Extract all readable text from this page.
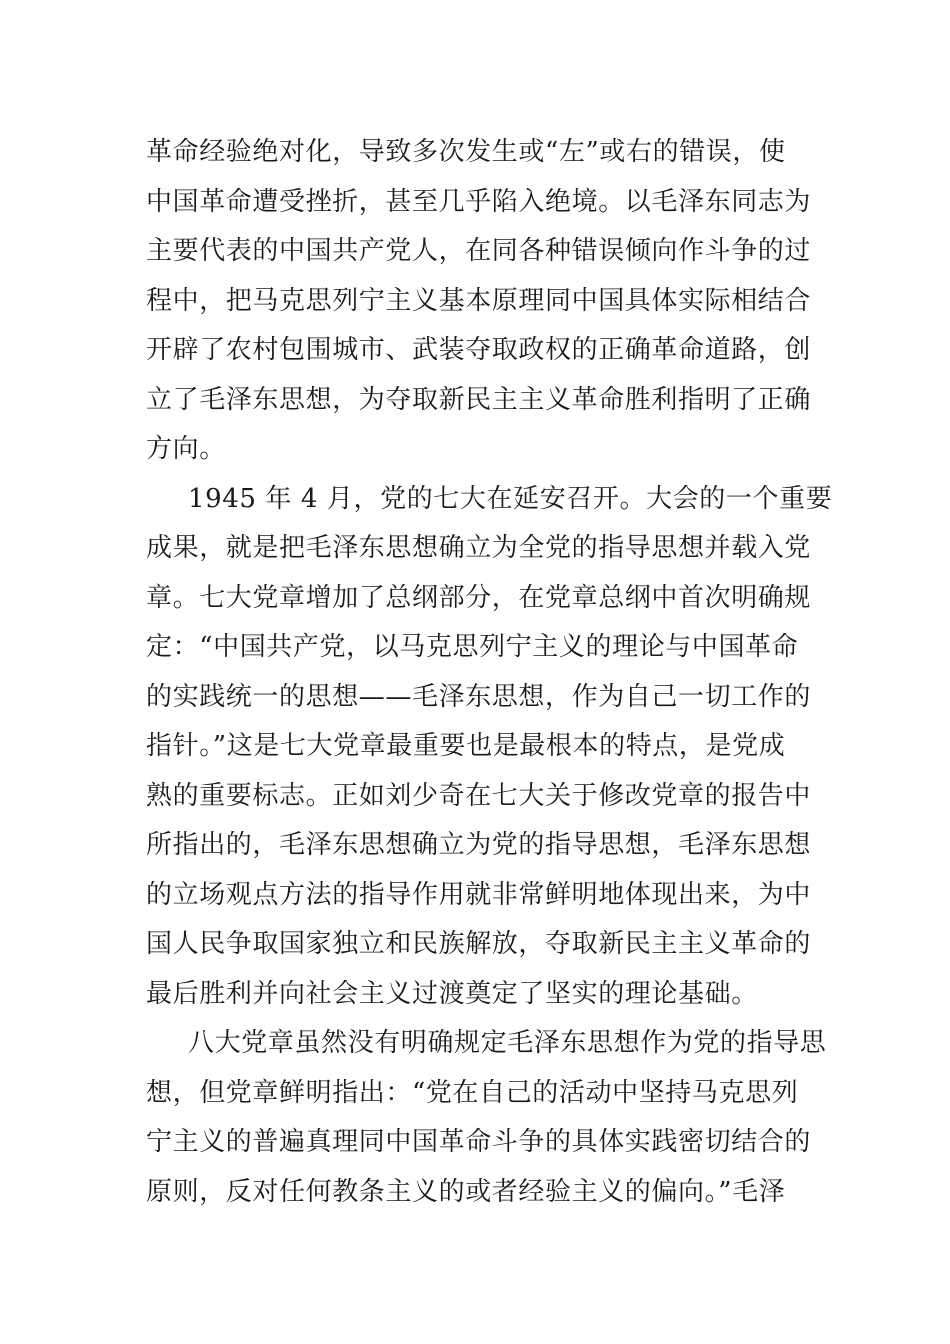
革命经验绝对化，导致多次发生或“左”或右的错误，使
中国革命遭受挫折，甚至几乎陷入绝境。以毛泽东同志为
主要代表的中国共产党人，在同各种错误倾向作斗争的过
程中，把马克思列宁主义基本原理同中国具体实际相结合
开辟了农村包围城市、武装夺取政权的正确革命道路，创
立了毛泽东思想，为夺取新民主主义革命胜利指明了正确
方向。
1945 年 4 月，党的七大在延安召开。大会的一个重要
成果，就是把毛泽东思想确立为全党的指导思想并载入党
章。七大党章增加了总纲部分，在党章总纲中首次明确规
定：“中国共产党，以马克思列宁主义的理论与中国革命
的实践统一的思想——毛泽东思想，作为自己一切工作的
指针。”这是七大党章最重要也是最根本的特点，是党成
熟的重要标志。正如刘少奇在七大关于修改党章的报告中
所指出的，毛泽东思想确立为党的指导思想，毛泽东思想
的立场观点方法的指导作用就非常鲜明地体现出来，为中
国人民争取国家独立和民族解放，夺取新民主主义革命的
最后胜利并向社会主义过渡奠定了坚实的理论基础。
八大党章虽然没有明确规定毛泽东思想作为党的指导思
想，但党章鲜明指出：“党在自己的活动中坚持马克思列
宁主义的普遍真理同中国革命斗争的具体实践密切结合的
原则，反对任何教条主义的或者经验主义的偏向。”毛泽
